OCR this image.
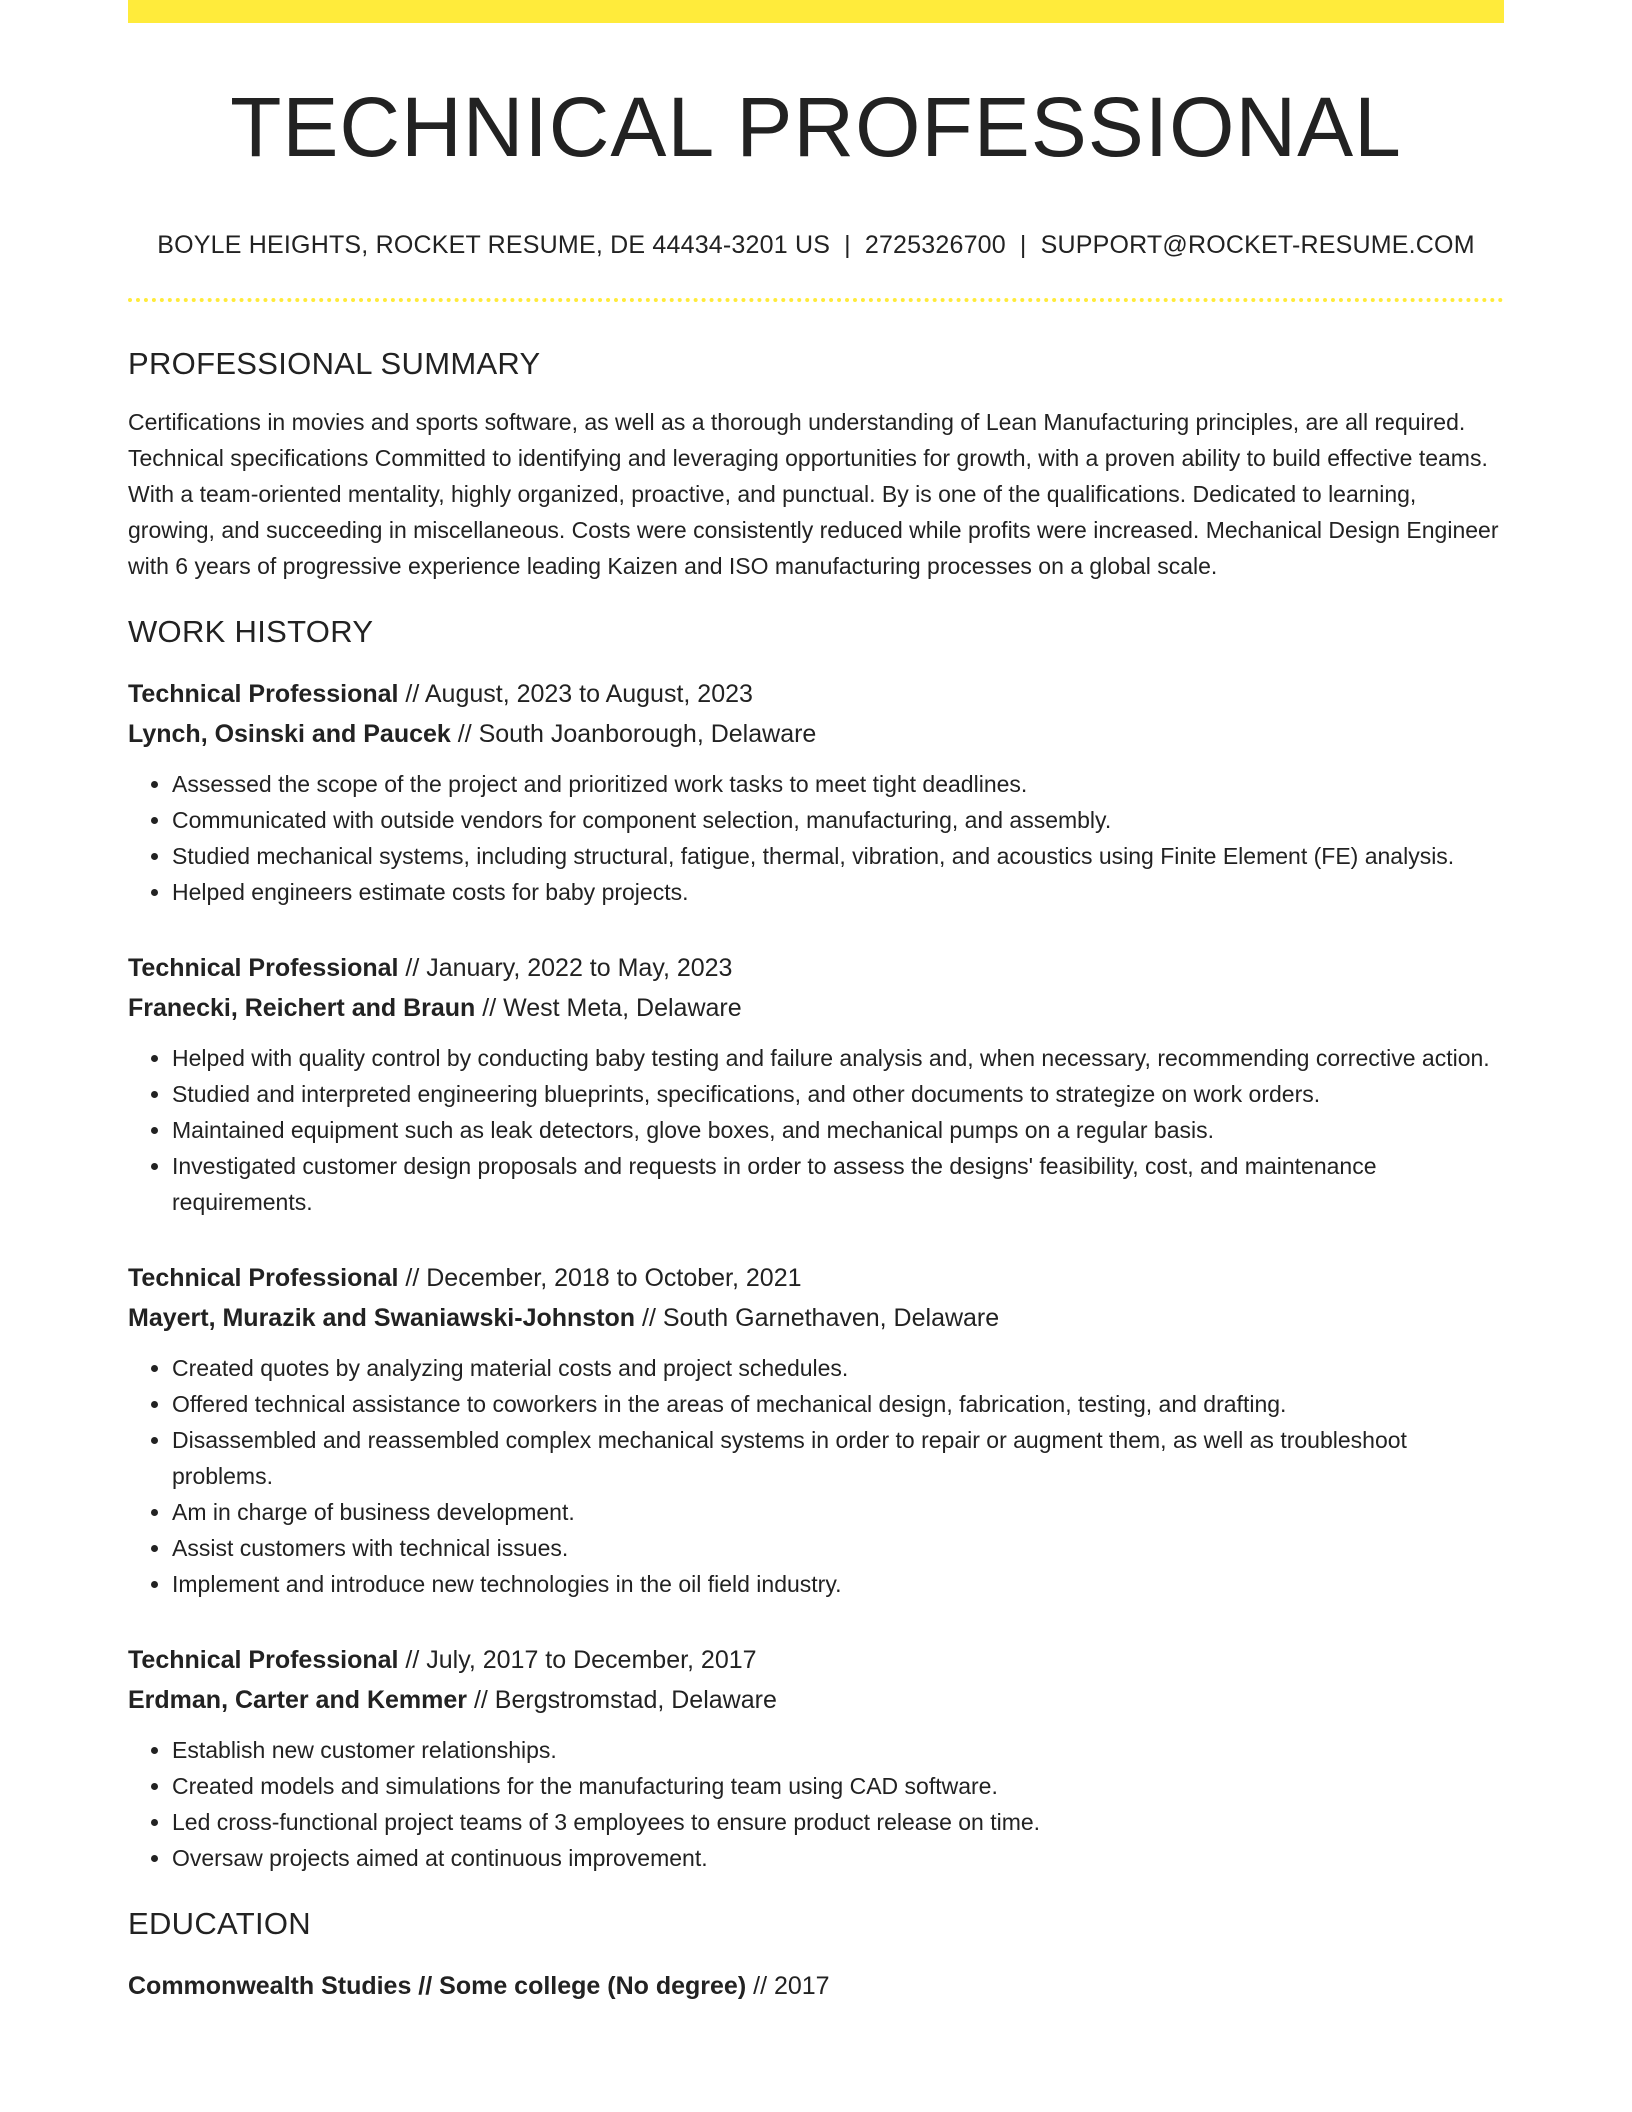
TECHNICAL PROFESSIONAL
BOYLE HEIGHTS, ROCKET RESUME, DE 44434-3201 US | 2725326700 | SUPPORT@ROCKET-RESUME.COM
PROFESSIONAL SUMMARY

Certifications in movies and sports software, as well as a thorough understanding of Lean Manufacturing principles, are all required. Technical specifications Committed to identifying and leveraging opportunities for growth, with a proven ability to build effective teams. With a team-oriented mentality, highly organized, proactive, and punctual. By is one of the qualifications. Dedicated to learning, growing, and succeeding in miscellaneous. Costs were consistently reduced while profits were increased. Mechanical Design Engineer with 6 years of progressive experience leading Kaizen and ISO manufacturing processes on a global scale.

WORK HISTORY
Technical Professional // August, 2023 to August, 2023
Lynch, Osinski and Paucek // South Joanborough, Delaware
• Assessed the scope of the project and prioritized work tasks to meet tight deadlines.
• Communicated with outside vendors for component selection, manufacturing, and assembly.
• Studied mechanical systems, including structural, fatigue, thermal, vibration, and acoustics using Finite Element (FE) analysis.
• Helped engineers estimate costs for baby projects.
Technical Professional // January, 2022 to May, 2023
Franecki, Reichert and Braun // West Meta, Delaware
• Helped with quality control by conducting baby testing and failure analysis and, when necessary, recommending corrective action.
• Studied and interpreted engineering blueprints, specifications, and other documents to strategize on work orders.
• Maintained equipment such as leak detectors, glove boxes, and mechanical pumps on a regular basis.
• Investigated customer design proposals and requests in order to assess the designs' feasibility, cost, and maintenance requirements.
Technical Professional // December, 2018 to October, 2021
Mayert, Murazik and Swaniawski-Johnston // South Garnethaven, Delaware
• Created quotes by analyzing material costs and project schedules.
• Offered technical assistance to coworkers in the areas of mechanical design, fabrication, testing, and drafting.
• Disassembled and reassembled complex mechanical systems in order to repair or augment them, as well as troubleshoot problems.
• Am in charge of business development.
• Assist customers with technical issues.
• Implement and introduce new technologies in the oil field industry.
Technical Professional // July, 2017 to December, 2017
Erdman, Carter and Kemmer // Bergstromstad, Delaware
• Establish new customer relationships.
• Created models and simulations for the manufacturing team using CAD software.
• Led cross-functional project teams of 3 employees to ensure product release on time.
• Oversaw projects aimed at continuous improvement.
EDUCATION
Commonwealth Studies // Some college (No degree) // 2017
